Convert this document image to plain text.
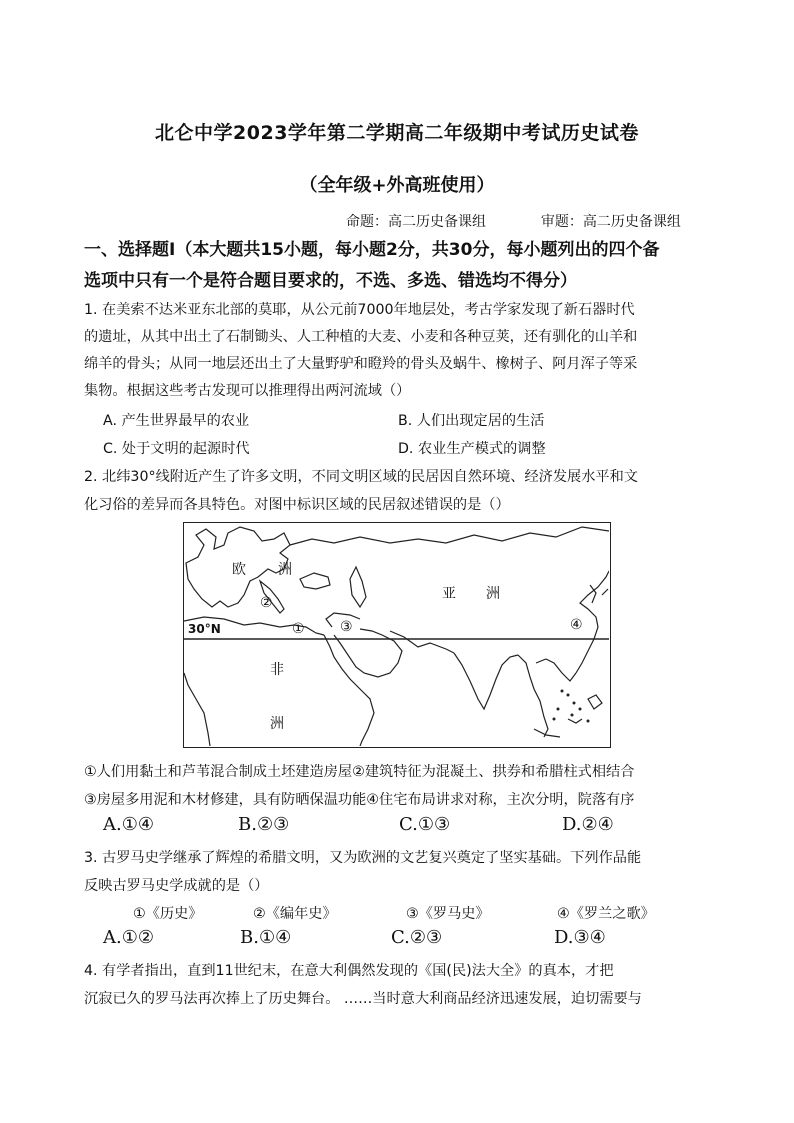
北仑中学2023学年第二学期高二年级期中考试历史试卷
（全年级+外高班使用）
命题：高二历史备课组	审题：高二历史备课组
一、选择题Ⅰ（本大题共15小题，每小题2分，共30分，每小题列出的四个备
选项中只有一个是符合题目要求的，不选、多选、错选均不得分）
1. 在美索不达米亚东北部的莫耶，从公元前7000年地层处，考古学家发现了新石器时代
的遗址，从其中出土了石制锄头、人工种植的大麦、小麦和各种豆荚，还有驯化的山羊和
绵羊的骨头；从同一地层还出土了大量野驴和瞪羚的骨头及蜗牛、橡树子、阿月浑子等采
集物。根据这些考古发现可以推理得出两河流域（）
A. 产生世界最早的农业	B. 人们出现定居的生活
C. 处于文明的起源时代	D. 农业生产模式的调整
2. 北纬30°线附近产生了许多文明，不同文明区域的民居因自然环境、经济发展水平和文
化习俗的差异而各具特色。对图中标识区域的民居叙述错误的是（）
欧 洲
亚 洲
非
洲
30°N	①
②
③	④
①人们用黏土和芦苇混合制成土坯建造房屋②建筑特征为混凝土、拱券和希腊柱式相结合
③房屋多用泥和木材修建，具有防晒保温功能④住宅布局讲求对称，主次分明，院落有序
A.①④	B.②③	C.①③	D.②④
3. 古罗马史学继承了辉煌的希腊文明，又为欧洲的文艺复兴奠定了坚实基础。下列作品能
反映古罗马史学成就的是（）
①《历史》	②《编年史》	③《罗马史》	④《罗兰之歌》
A.①②	B.①④	C.②③	D.③④
4. 有学者指出，直到11世纪末，在意大利偶然发现的《国(民)法大全》的真本，才把
沉寂已久的罗马法再次捧上了历史舞台。 ……当时意大利商品经济迅速发展，迫切需要与
